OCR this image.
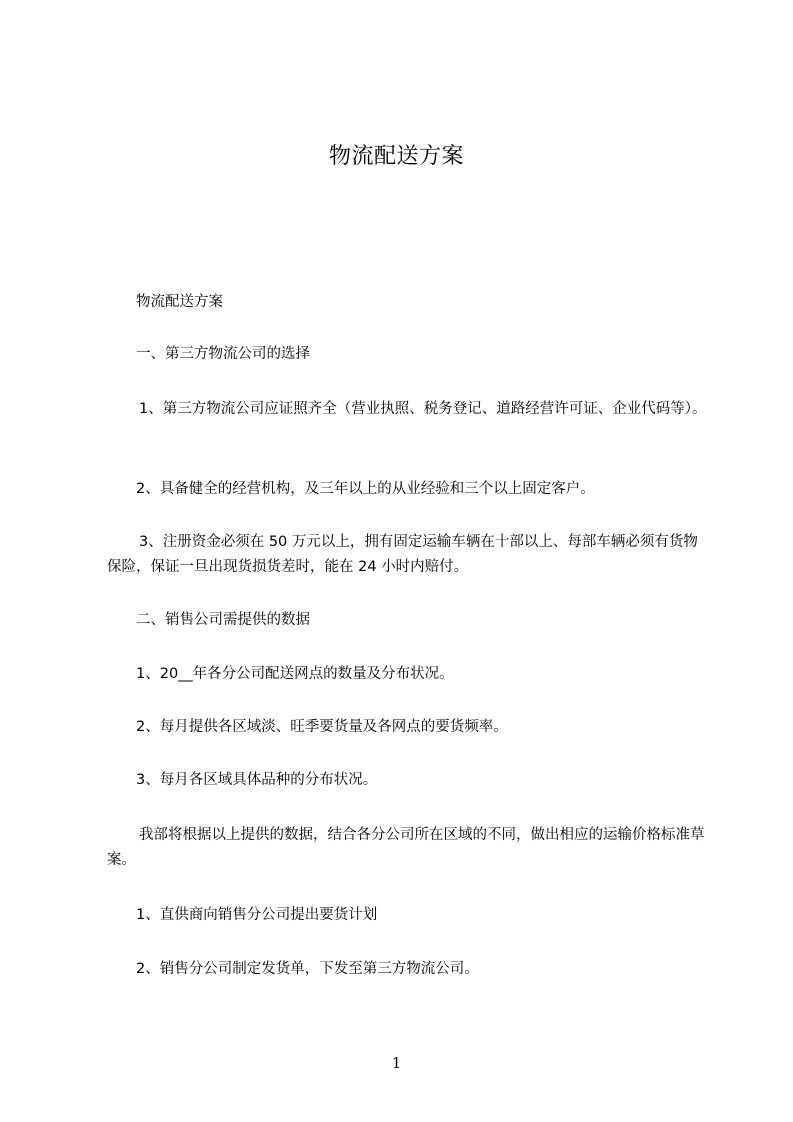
物流配送方案

物流配送方案

一、第三方物流公司的选择

1、第三方物流公司应证照齐全（营业执照、税务登记、道路经营许可证、企业代码等）。

2、具备健全的经营机构，及三年以上的从业经验和三个以上固定客户。

3、注册资金必须在 50 万元以上，拥有固定运输车辆在十部以上、每部车辆必须有货物保险，保证一旦出现货损货差时，能在 24 小时内赔付。

二、销售公司需提供的数据

1、20__年各分公司配送网点的数量及分布状况。

2、每月提供各区域淡、旺季要货量及各网点的要货频率。

3、每月各区域具体品种的分布状况。

我部将根据以上提供的数据，结合各分公司所在区域的不同，做出相应的运输价格标准草案。

1、直供商向销售分公司提出要货计划

2、销售分公司制定发货单，下发至第三方物流公司。

1
